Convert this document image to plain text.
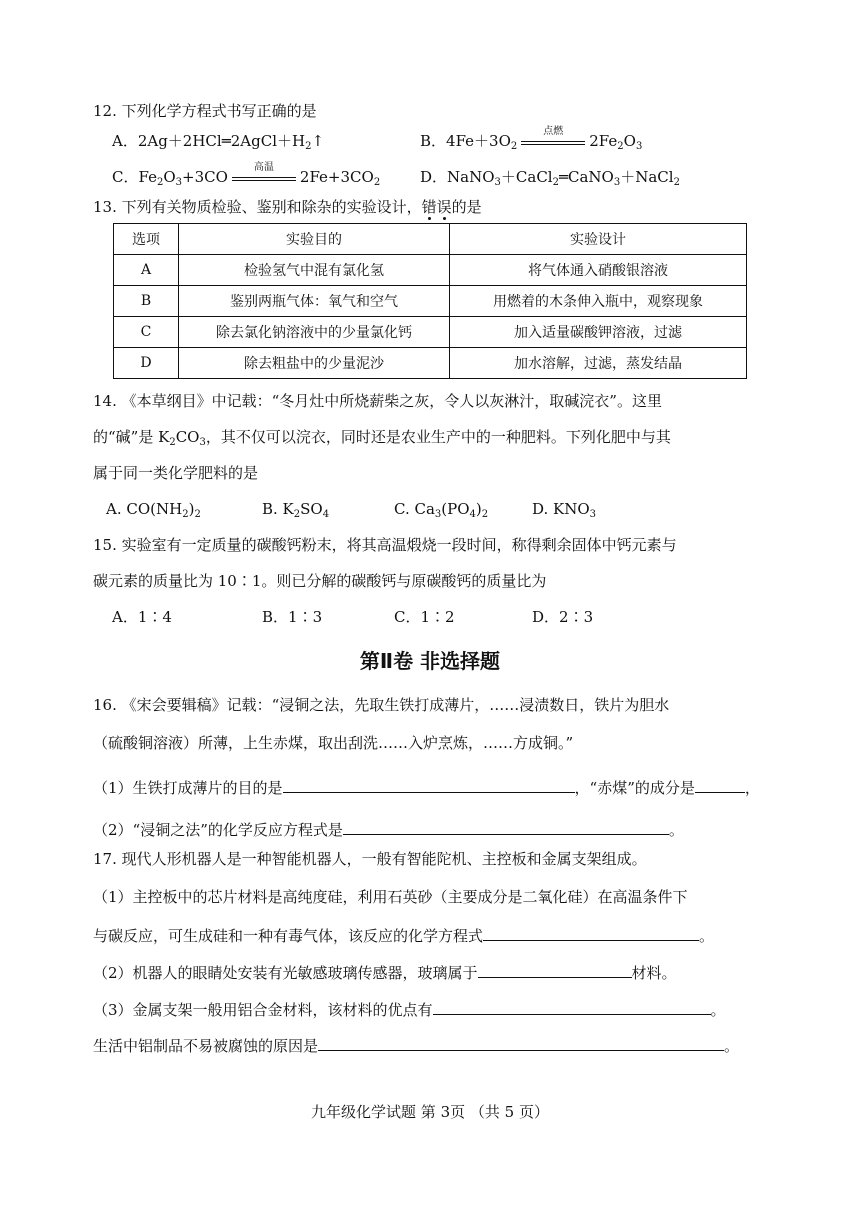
12. 下列化学方程式书写正确的是
A．$2Ag+2HCl═2AgCl+H_2↑$	B．$4Fe+3O_2$
点燃
$2Fe_2O_3$
C．$Fe_2O_3+3CO$
高温
$2Fe+3CO_2$	D．NaNO$_3$＋CaCl$_2$═CaNO$_3$＋NaCl$_2$
13. 下列有关物质检验、鉴别和除杂的实验设计，错误的是
选项	实验目的	实验设计
A	检验氢气中混有氯化氢	将气体通入硝酸银溶液
B	鉴别两瓶气体：氧气和空气	用燃着的木条伸入瓶中，观察现象
C	除去氯化钠溶液中的少量氯化钙	加入适量碳酸钾溶液，过滤
D	除去粗盐中的少量泥沙	加水溶解，过滤，蒸发结晶
14. 《本草纲目》中记载：“冬月灶中所烧薪柴之灰，令人以灰淋汁，取碱浣衣”。这里
的“碱”是 $K_2CO_3$，其不仅可以浣衣，同时还是农业生产中的一种肥料。下列化肥中与其
属于同一类化学肥料的是
A. $CO(NH_2)_2$	B. $K_2SO_4$	C. $Ca_3(PO_4)_2$	D. $KNO_3$
15. 实验室有一定质量的碳酸钙粉末，将其高温煅烧一段时间，称得剩余固体中钙元素与
碳元素的质量比为 10∶1。则已分解的碳酸钙与原碳酸钙的质量比为
A．1∶4	B．1∶3	C．1∶2	D．2∶3
第Ⅱ卷 非选择题
16. 《宋会要辑稿》记载：“浸铜之法，先取生铁打成薄片，……浸渍数日，铁片为胆水
（硫酸铜溶液）所薄，上生赤煤，取出刮洗……入炉烹炼，……方成铜。”
（1）生铁打成薄片的目的是	，“赤煤”的成分是	，
（2）“浸铜之法”的化学反应方程式是	。
17. 现代人形机器人是一种智能机器人，一般有智能陀机、主控板和金属支架组成。
（1）主控板中的芯片材料是高纯度硅，利用石英砂（主要成分是二氧化硅）在高温条件下
与碳反应，可生成硅和一种有毒气体，该反应的化学方程式	。
（2）机器人的眼睛处安装有光敏感玻璃传感器，玻璃属于	材料。
（3）金属支架一般用铝合金材料，该材料的优点有	。
生活中铝制品不易被腐蚀的原因是	。
九年级化学试题 第 3页 （共 5 页）
